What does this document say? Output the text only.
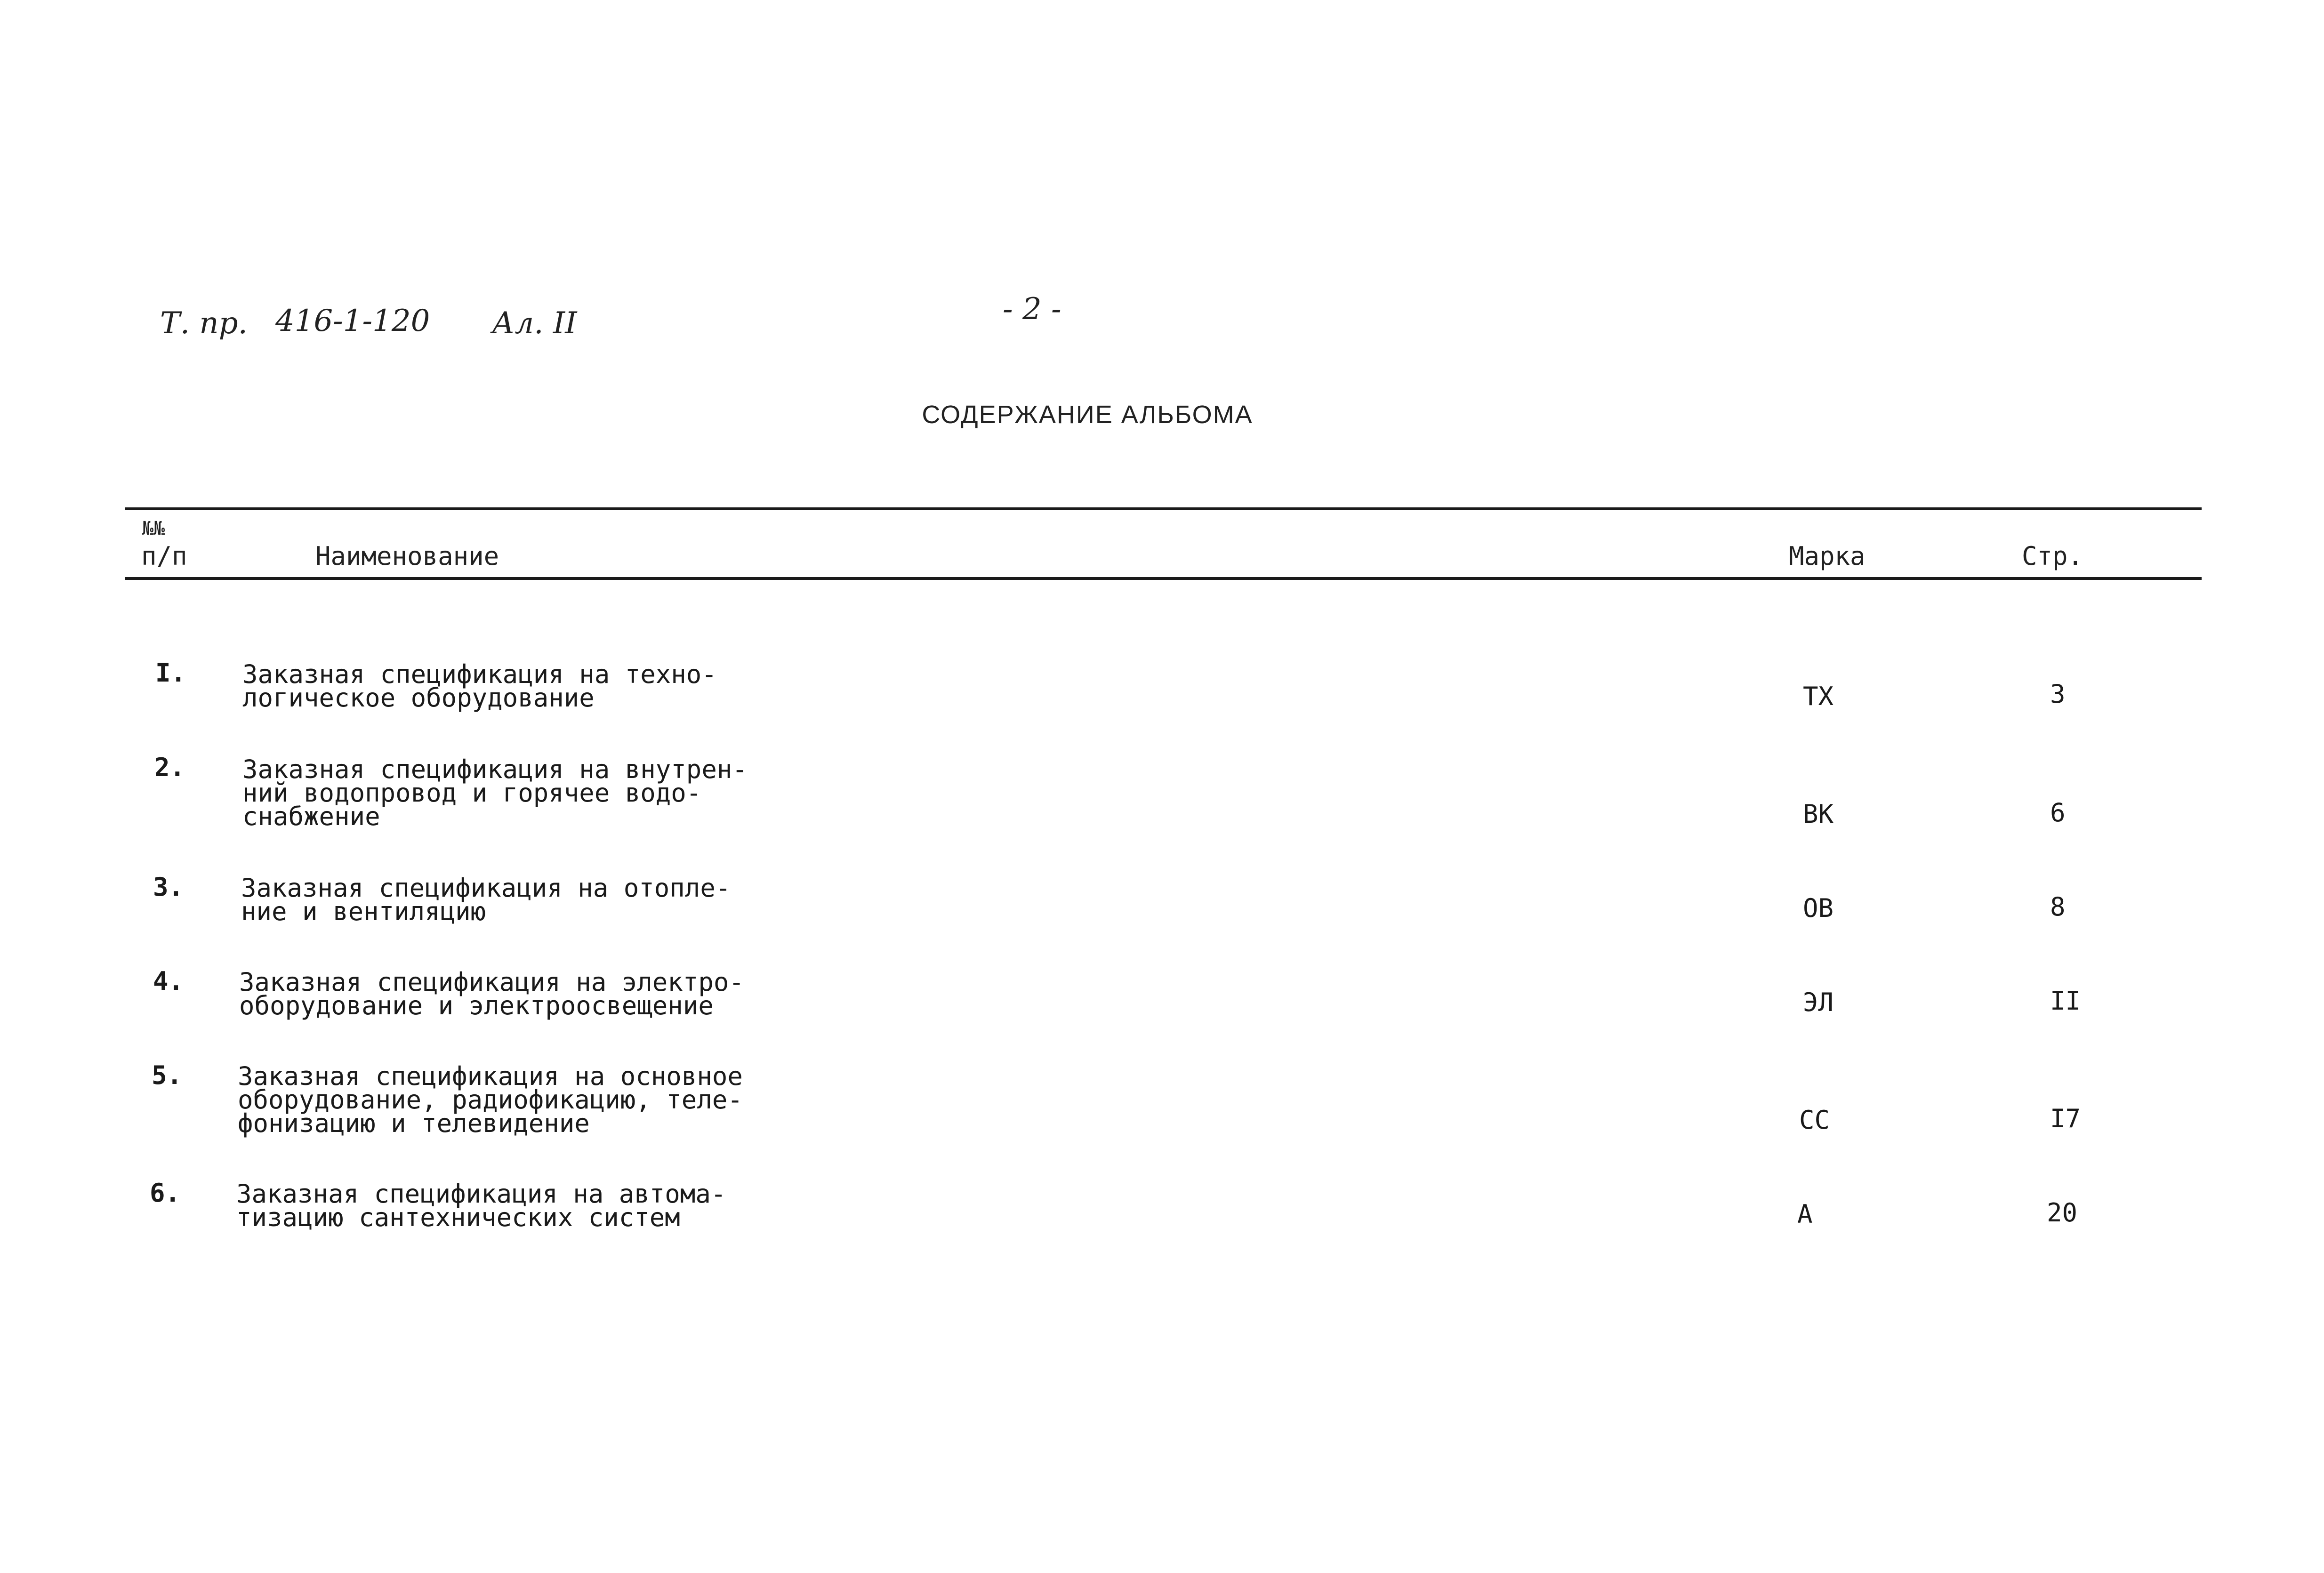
Т. пр. 416-1-120 Ал. II	- 2 -
СОДЕРЖАНИЕ АЛЬБОМА
№№
п/п	Наименование	Марка	Стр.
I. Заказная спецификация на техно-
логическое оборудование	ТХ	3
2. Заказная спецификация на внутрен-
ний водопровод и горячее водо-
снабжение	ВК	6
3. Заказная спецификация на отопле-
ние и вентиляцию	ОВ	8
4. Заказная спецификация на электро-
оборудование и электроосвещение	ЭЛ	II
5. Заказная спецификация на основное
оборудование, радиофикацию, теле-
фонизацию и телевидение	СС	I7
6. Заказная спецификация на автома-
тизацию сантехнических систем	А	20
